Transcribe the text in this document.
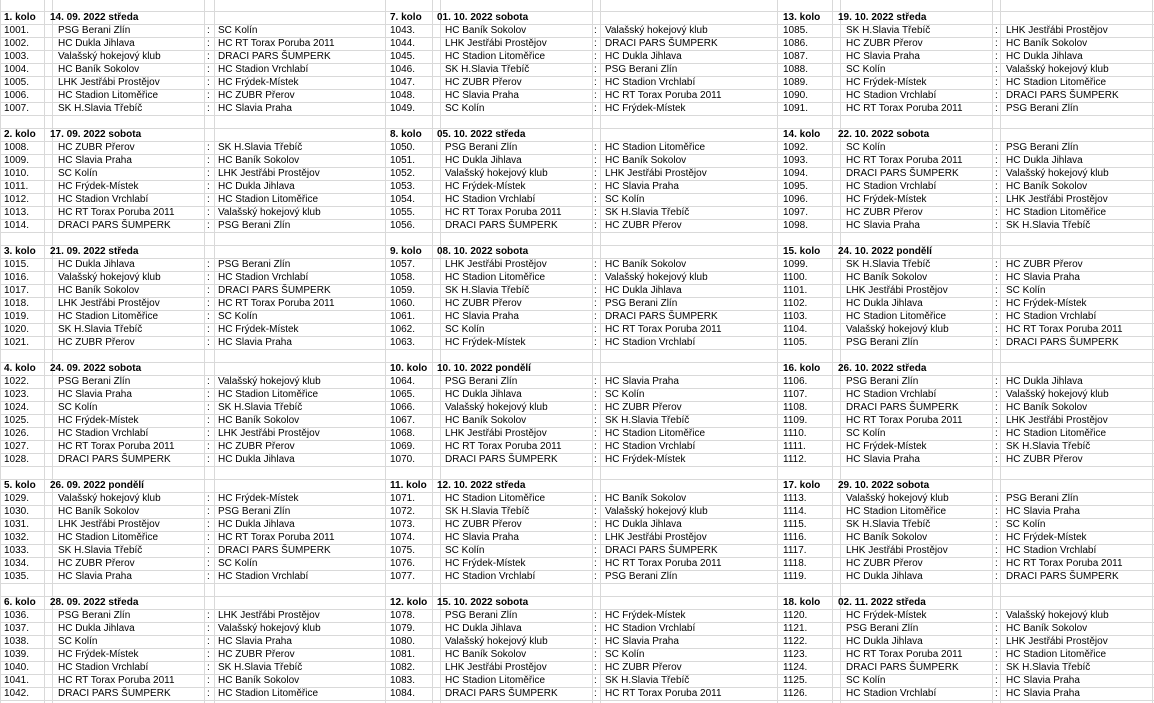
1. kolo 14. 09. 2022 středa
1001.	PSG Berani Zlín	: SC Kolín
1002.	HC Dukla Jihlava	: HC RT Torax Poruba 2011
1003.	Valašský hokejový klub	: DRACI PARS ŠUMPERK
1004.	HC Baník Sokolov	: HC Stadion Vrchlabí
1005.	LHK Jestřábi Prostějov	: HC Frýdek-Místek
1006.	HC Stadion Litoměřice	: HC ZUBR Přerov
1007.	SK H.Slavia Třebíč	: HC Slavia Praha
2. kolo 17. 09. 2022 sobota
1008.	HC ZUBR Přerov	: SK H.Slavia Třebíč
1009.	HC Slavia Praha	: HC Baník Sokolov
1010.	SC Kolín	: LHK Jestřábi Prostějov
1011.	HC Frýdek-Místek	: HC Dukla Jihlava
1012.	HC Stadion Vrchlabí	: HC Stadion Litoměřice
1013.	HC RT Torax Poruba 2011	: Valašský hokejový klub
1014.	DRACI PARS ŠUMPERK	: PSG Berani Zlín
3. kolo 21. 09. 2022 středa
1015.	HC Dukla Jihlava	: PSG Berani Zlín
1016.	Valašský hokejový klub	: HC Stadion Vrchlabí
1017.	HC Baník Sokolov	: DRACI PARS ŠUMPERK
1018.	LHK Jestřábi Prostějov	: HC RT Torax Poruba 2011
1019.	HC Stadion Litoměřice	: SC Kolín
1020.	SK H.Slavia Třebíč	: HC Frýdek-Místek
1021.	HC ZUBR Přerov	: HC Slavia Praha
4. kolo 24. 09. 2022 sobota
1022.	PSG Berani Zlín	: Valašský hokejový klub
1023.	HC Slavia Praha	: HC Stadion Litoměřice
1024.	SC Kolín	: SK H.Slavia Třebíč
1025.	HC Frýdek-Místek	: HC Baník Sokolov
1026.	HC Stadion Vrchlabí	: LHK Jestřábi Prostějov
1027.	HC RT Torax Poruba 2011	: HC ZUBR Přerov
1028.	DRACI PARS ŠUMPERK	: HC Dukla Jihlava
5. kolo 26. 09. 2022 pondělí
1029.	Valašský hokejový klub	: HC Frýdek-Místek
1030.	HC Baník Sokolov	: PSG Berani Zlín
1031.	LHK Jestřábi Prostějov	: HC Dukla Jihlava
1032.	HC Stadion Litoměřice	: HC RT Torax Poruba 2011
1033.	SK H.Slavia Třebíč	: DRACI PARS ŠUMPERK
1034.	HC ZUBR Přerov	: SC Kolín
1035.	HC Slavia Praha	: HC Stadion Vrchlabí
6. kolo 28. 09. 2022 středa
1036.	PSG Berani Zlín	: LHK Jestřábi Prostějov
1037.	HC Dukla Jihlava	: Valašský hokejový klub
1038.	SC Kolín	: HC Slavia Praha
1039.	HC Frýdek-Místek	: HC ZUBR Přerov
1040.	HC Stadion Vrchlabí	: SK H.Slavia Třebíč
1041.	HC RT Torax Poruba 2011	: HC Baník Sokolov
1042.	DRACI PARS ŠUMPERK	: HC Stadion Litoměřice
7. kolo 01. 10. 2022 sobota
1043.	HC Baník Sokolov	: Valašský hokejový klub
1044.	LHK Jestřábi Prostějov	: DRACI PARS ŠUMPERK
1045.	HC Stadion Litoměřice	: HC Dukla Jihlava
1046.	SK H.Slavia Třebíč	: PSG Berani Zlín
1047.	HC ZUBR Přerov	: HC Stadion Vrchlabí
1048.	HC Slavia Praha	: HC RT Torax Poruba 2011
1049.	SC Kolín	: HC Frýdek-Místek
8. kolo 05. 10. 2022 středa
1050.	PSG Berani Zlín	: HC Stadion Litoměřice
1051.	HC Dukla Jihlava	: HC Baník Sokolov
1052.	Valašský hokejový klub	: LHK Jestřábi Prostějov
1053.	HC Frýdek-Místek	: HC Slavia Praha
1054.	HC Stadion Vrchlabí	: SC Kolín
1055.	HC RT Torax Poruba 2011	: SK H.Slavia Třebíč
1056.	DRACI PARS ŠUMPERK	: HC ZUBR Přerov
9. kolo 08. 10. 2022 sobota
1057.	LHK Jestřábi Prostějov	: HC Baník Sokolov
1058.	HC Stadion Litoměřice	: Valašský hokejový klub
1059.	SK H.Slavia Třebíč	: HC Dukla Jihlava
1060.	HC ZUBR Přerov	: PSG Berani Zlín
1061.	HC Slavia Praha	: DRACI PARS ŠUMPERK
1062.	SC Kolín	: HC RT Torax Poruba 2011
1063.	HC Frýdek-Místek	: HC Stadion Vrchlabí
10. kolo 10. 10. 2022 pondělí
1064.	PSG Berani Zlín	: HC Slavia Praha
1065.	HC Dukla Jihlava	: SC Kolín
1066.	Valašský hokejový klub	: HC ZUBR Přerov
1067.	HC Baník Sokolov	: SK H.Slavia Třebíč
1068.	LHK Jestřábi Prostějov	: HC Stadion Litoměřice
1069.	HC RT Torax Poruba 2011	: HC Stadion Vrchlabí
1070.	DRACI PARS ŠUMPERK	: HC Frýdek-Místek
11. kolo 12. 10. 2022 středa
1071.	HC Stadion Litoměřice	: HC Baník Sokolov
1072.	SK H.Slavia Třebíč	: Valašský hokejový klub
1073.	HC ZUBR Přerov	: HC Dukla Jihlava
1074.	HC Slavia Praha	: LHK Jestřábi Prostějov
1075.	SC Kolín	: DRACI PARS ŠUMPERK
1076.	HC Frýdek-Místek	: HC RT Torax Poruba 2011
1077.	HC Stadion Vrchlabí	: PSG Berani Zlín
12. kolo 15. 10. 2022 sobota
1078.	PSG Berani Zlín	: HC Frýdek-Místek
1079.	HC Dukla Jihlava	: HC Stadion Vrchlabí
1080.	Valašský hokejový klub	: HC Slavia Praha
1081.	HC Baník Sokolov	: SC Kolín
1082.	LHK Jestřábi Prostějov	: HC ZUBR Přerov
1083.	HC Stadion Litoměřice	: SK H.Slavia Třebíč
1084.	DRACI PARS ŠUMPERK	: HC RT Torax Poruba 2011
13. kolo 19. 10. 2022 středa
1085.	SK H.Slavia Třebíč	: LHK Jestřábi Prostějov
1086.	HC ZUBR Přerov	: HC Baník Sokolov
1087.	HC Slavia Praha	: HC Dukla Jihlava
1088.	SC Kolín	: Valašský hokejový klub
1089.	HC Frýdek-Místek	: HC Stadion Litoměřice
1090.	HC Stadion Vrchlabí	: DRACI PARS ŠUMPERK
1091.	HC RT Torax Poruba 2011	: PSG Berani Zlín
14. kolo 22. 10. 2022 sobota
1092.	SC Kolín	: PSG Berani Zlín
1093.	HC RT Torax Poruba 2011	: HC Dukla Jihlava
1094.	DRACI PARS ŠUMPERK	: Valašský hokejový klub
1095.	HC Stadion Vrchlabí	: HC Baník Sokolov
1096.	HC Frýdek-Místek	: LHK Jestřábi Prostějov
1097.	HC ZUBR Přerov	: HC Stadion Litoměřice
1098.	HC Slavia Praha	: SK H.Slavia Třebíč
15. kolo 24. 10. 2022 pondělí
1099.	SK H.Slavia Třebíč	: HC ZUBR Přerov
1100.	HC Baník Sokolov	: HC Slavia Praha
1101.	LHK Jestřábi Prostějov	: SC Kolín
1102.	HC Dukla Jihlava	: HC Frýdek-Místek
1103.	HC Stadion Litoměřice	: HC Stadion Vrchlabí
1104.	Valašský hokejový klub	: HC RT Torax Poruba 2011
1105.	PSG Berani Zlín	: DRACI PARS ŠUMPERK
16. kolo 26. 10. 2022 středa
1106.	PSG Berani Zlín	: HC Dukla Jihlava
1107.	HC Stadion Vrchlabí	: Valašský hokejový klub
1108.	DRACI PARS ŠUMPERK	: HC Baník Sokolov
1109.	HC RT Torax Poruba 2011	: LHK Jestřábi Prostějov
1110.	SC Kolín	: HC Stadion Litoměřice
1111.	HC Frýdek-Místek	: SK H.Slavia Třebíč
1112.	HC Slavia Praha	: HC ZUBR Přerov
17. kolo 29. 10. 2022 sobota
1113.	Valašský hokejový klub	: PSG Berani Zlín
1114.	HC Stadion Litoměřice	: HC Slavia Praha
1115.	SK H.Slavia Třebíč	: SC Kolín
1116.	HC Baník Sokolov	: HC Frýdek-Místek
1117.	LHK Jestřábi Prostějov	: HC Stadion Vrchlabí
1118.	HC ZUBR Přerov	: HC RT Torax Poruba 2011
1119.	HC Dukla Jihlava	: DRACI PARS ŠUMPERK
18. kolo 02. 11. 2022 středa
1120.	HC Frýdek-Místek	: Valašský hokejový klub
1121.	PSG Berani Zlín	: HC Baník Sokolov
1122.	HC Dukla Jihlava	: LHK Jestřábi Prostějov
1123.	HC RT Torax Poruba 2011	: HC Stadion Litoměřice
1124.	DRACI PARS ŠUMPERK	: SK H.Slavia Třebíč
1125.	SC Kolín	: HC Slavia Praha
1126.	HC Stadion Vrchlabí	: HC Slavia Praha
